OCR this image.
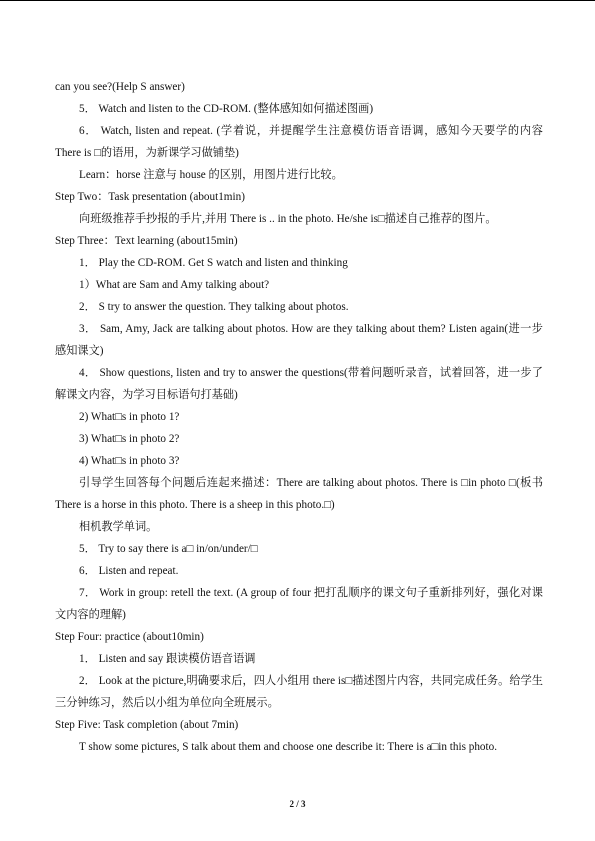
can you see?(Help S answer)

5． Watch and listen to the CD-ROM. (整体感知如何描述图画)

6． Watch, listen and repeat. (学着说，并提醒学生注意模仿语音语调，感知今天要学的内容 There is □的语用，为新课学习做铺垫)

Learn：horse 注意与 house 的区别，用图片进行比较。

Step Two：Task presentation (about1min)

向班级推荐手抄报的手片,并用 There is .. in the photo. He/she is□描述自己推荐的图片。

Step Three：Text learning (about15min)

1． Play the CD-ROM. Get S watch and listen and thinking

1）What are Sam and Amy talking about?

2． S try to answer the question. They talking about photos.

3． Sam, Amy, Jack are talking about photos. How are they talking about them? Listen again(进一步感知课文)

4． Show questions, listen and try to answer the questions(带着问题听录音，试着回答，进一步了解课文内容，为学习目标语句打基础)

2) What□s in photo 1?

3) What□s in photo 2?

4) What□s in photo 3?

引导学生回答每个问题后连起来描述：There are talking about photos. There is □in photo □(板书 There is a horse in this photo. There is a sheep in this photo.□)

相机教学单词。

5． Try to say there is a□ in/on/under/□

6． Listen and repeat.

7． Work in group: retell the text. (A group of four 把打乱顺序的课文句子重新排列好，强化对课文内容的理解)

Step Four: practice (about10min)

1． Listen and say 跟读模仿语音语调

2． Look at the picture,明确要求后，四人小组用 there is□描述图片内容，共同完成任务。给学生三分钟练习，然后以小组为单位向全班展示。

Step Five: Task completion (about 7min)

T show some pictures, S talk about them and choose one describe it: There is a□in this photo.

2 / 3
